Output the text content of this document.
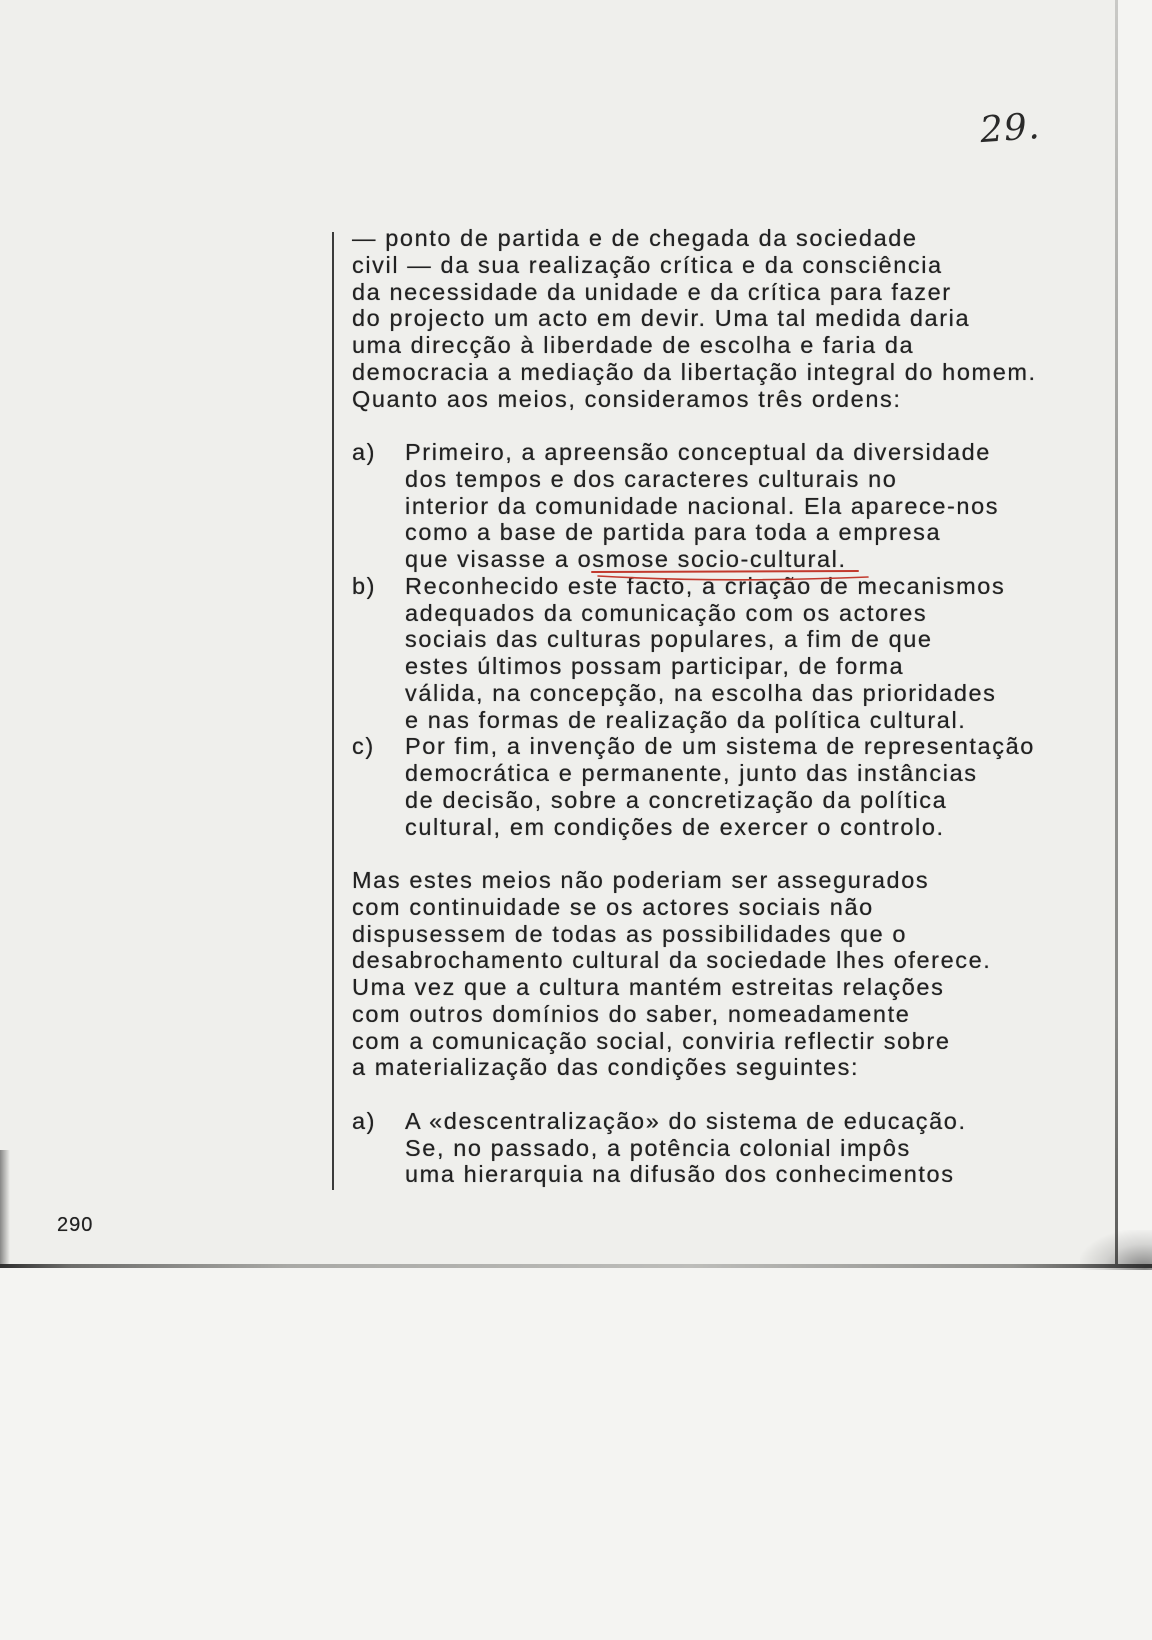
29.
— ponto de partida e de chegada da sociedade
civil — da sua realização crítica e da consciência
da necessidade da unidade e da crítica para fazer
do projecto um acto em devir. Uma tal medida daria
uma direcção à liberdade de escolha e faria da
democracia a mediação da libertação integral do homem.
Quanto aos meios, consideramos três ordens:
a) Primeiro, a apreensão conceptual da diversidade
dos tempos e dos caracteres culturais no
interior da comunidade nacional. Ela aparece-nos
como a base de partida para toda a empresa
que visasse a osmose socio-cultural.
b) Reconhecido este facto, a criação de mecanismos
adequados da comunicação com os actores
sociais das culturas populares, a fim de que
estes últimos possam participar, de forma
válida, na concepção, na escolha das prioridades
e nas formas de realização da política cultural.
c) Por fim, a invenção de um sistema de representação
democrática e permanente, junto das instâncias
de decisão, sobre a concretização da política
cultural, em condições de exercer o controlo.
Mas estes meios não poderiam ser assegurados
com continuidade se os actores sociais não
dispusessem de todas as possibilidades que o
desabrochamento cultural da sociedade lhes oferece.
Uma vez que a cultura mantém estreitas relações
com outros domínios do saber, nomeadamente
com a comunicação social, conviria reflectir sobre
a materialização das condições seguintes:
a) A «descentralização» do sistema de educação.
Se, no passado, a potência colonial impôs
uma hierarquia na difusão dos conhecimentos
290
